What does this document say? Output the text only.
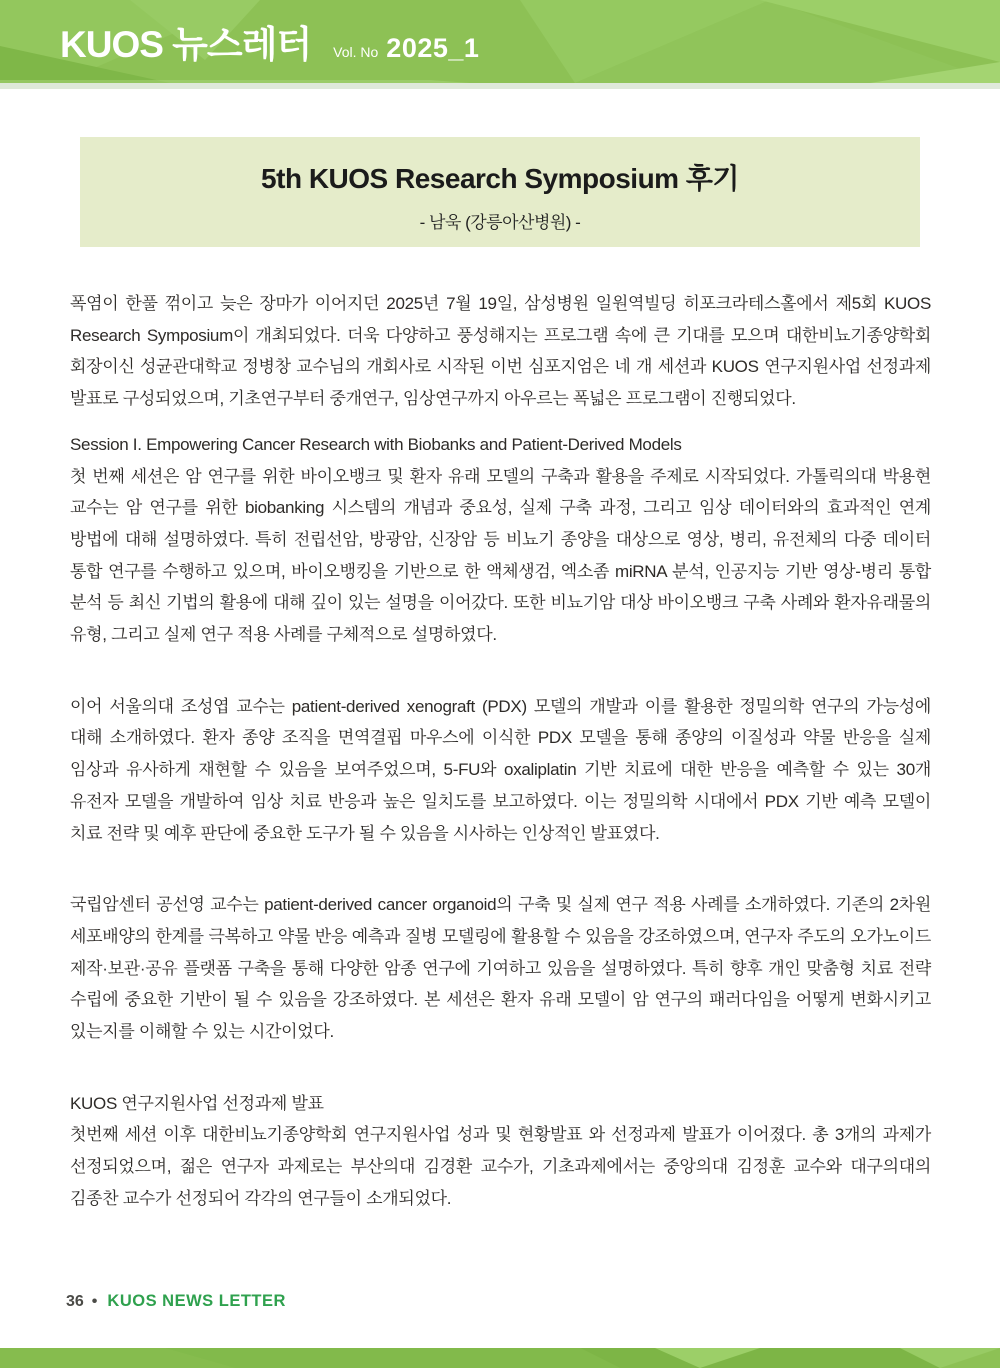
KUOS 뉴스레터 Vol. No 2025_1
5th KUOS Research Symposium 후기
- 남욱 (강릉아산병원) -

폭염이 한풀 꺾이고 늦은 장마가 이어지던 2025년 7월 19일, 삼성병원 일원역빌딩 히포크라테스홀에서 제5회 KUOS Research Symposium이 개최되었다. 더욱 다양하고 풍성해지는 프로그램 속에 큰 기대를 모으며 대한비뇨기종양학회 회장이신 성균관대학교 정병창 교수님의 개회사로 시작된 이번 심포지엄은 네 개 세션과 KUOS 연구지원사업 선정과제 발표로 구성되었으며, 기초연구부터 중개연구, 임상연구까지 아우르는 폭넓은 프로그램이 진행되었다.

Session I. Empowering Cancer Research with Biobanks and Patient-Derived Models

첫 번째 세션은 암 연구를 위한 바이오뱅크 및 환자 유래 모델의 구축과 활용을 주제로 시작되었다. 가톨릭의대 박용현 교수는 암 연구를 위한 biobanking 시스템의 개념과 중요성, 실제 구축 과정, 그리고 임상 데이터와의 효과적인 연계 방법에 대해 설명하였다. 특히 전립선암, 방광암, 신장암 등 비뇨기 종양을 대상으로 영상, 병리, 유전체의 다중 데이터 통합 연구를 수행하고 있으며, 바이오뱅킹을 기반으로 한 액체생검, 엑소좀 miRNA 분석, 인공지능 기반 영상-병리 통합 분석 등 최신 기법의 활용에 대해 깊이 있는 설명을 이어갔다. 또한 비뇨기암 대상 바이오뱅크 구축 사례와 환자유래물의 유형, 그리고 실제 연구 적용 사례를 구체적으로 설명하였다.

이어 서울의대 조성엽 교수는 patient-derived xenograft (PDX) 모델의 개발과 이를 활용한 정밀의학 연구의 가능성에 대해 소개하였다. 환자 종양 조직을 면역결핍 마우스에 이식한 PDX 모델을 통해 종양의 이질성과 약물 반응을 실제 임상과 유사하게 재현할 수 있음을 보여주었으며, 5-FU와 oxaliplatin 기반 치료에 대한 반응을 예측할 수 있는 30개 유전자 모델을 개발하여 임상 치료 반응과 높은 일치도를 보고하였다. 이는 정밀의학 시대에서 PDX 기반 예측 모델이 치료 전략 및 예후 판단에 중요한 도구가 될 수 있음을 시사하는 인상적인 발표였다.

국립암센터 공선영 교수는 patient-derived cancer organoid의 구축 및 실제 연구 적용 사례를 소개하였다. 기존의 2차원 세포배양의 한계를 극복하고 약물 반응 예측과 질병 모델링에 활용할 수 있음을 강조하였으며, 연구자 주도의 오가노이드 제작·보관·공유 플랫폼 구축을 통해 다양한 암종 연구에 기여하고 있음을 설명하였다. 특히 향후 개인 맞춤형 치료 전략 수립에 중요한 기반이 될 수 있음을 강조하였다. 본 세션은 환자 유래 모델이 암 연구의 패러다임을 어떻게 변화시키고 있는지를 이해할 수 있는 시간이었다.

KUOS 연구지원사업 선정과제 발표

첫번째 세션 이후 대한비뇨기종양학회 연구지원사업 성과 및 현황발표 와 선정과제 발표가 이어졌다. 총 3개의 과제가 선정되었으며, 젊은 연구자 과제로는 부산의대 김경환 교수가, 기초과제에서는 중앙의대 김정훈 교수와 대구의대의 김종찬 교수가 선정되어 각각의 연구들이 소개되었다.

36 • KUOS NEWS LETTER
